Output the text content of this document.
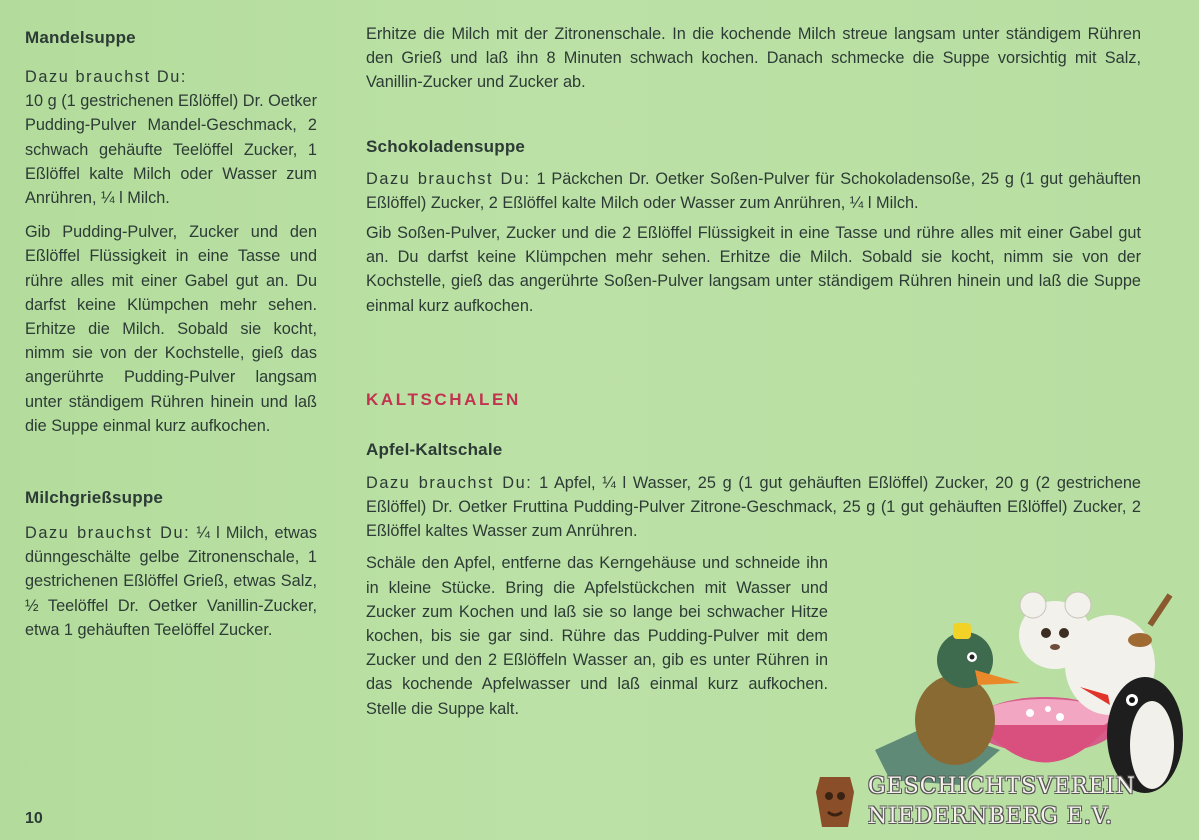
Mandelsuppe

Dazu brauchst Du:
10 g (1 gestrichenen Eßlöffel) Dr. Oetker Pudding-Pulver Mandel-Geschmack, 2 schwach gehäufte Teelöffel Zucker, 1 Eßlöffel kalte Milch oder Wasser zum Anrühren, ¼ l Milch.

Gib Pudding-Pulver, Zucker und den Eßlöffel Flüssigkeit in eine Tasse und rühre alles mit einer Gabel gut an. Du darfst keine Klümpchen mehr sehen. Erhitze die Milch. Sobald sie kocht, nimm sie von der Kochstelle, gieß das angerührte Pudding-Pulver langsam unter ständigem Rühren hinein und laß die Suppe einmal kurz aufkochen.

Milchgrießsuppe

Dazu brauchst Du: ¼ l Milch, etwas dünngeschälte gelbe Zitronenschale, 1 gestrichenen Eßlöffel Grieß, etwas Salz, ½ Teelöffel Dr. Oetker Vanillin-Zucker, etwa 1 gehäuften Teelöffel Zucker.

Erhitze die Milch mit der Zitronenschale. In die kochende Milch streue langsam unter ständigem Rühren den Grieß und laß ihn 8 Minuten schwach kochen. Danach schmecke die Suppe vorsichtig mit Salz, Vanillin-Zucker und Zucker ab.

Schokoladensuppe

Dazu brauchst Du: 1 Päckchen Dr. Oetker Soßen-Pulver für Schokoladensoße, 25 g (1 gut gehäuften Eßlöffel) Zucker, 2 Eßlöffel kalte Milch oder Wasser zum Anrühren, ¼ l Milch.

Gib Soßen-Pulver, Zucker und die 2 Eßlöffel Flüssigkeit in eine Tasse und rühre alles mit einer Gabel gut an. Du darfst keine Klümpchen mehr sehen. Erhitze die Milch. Sobald sie kocht, nimm sie von der Kochstelle, gieß das angerührte Soßen-Pulver langsam unter ständigem Rühren hinein und laß die Suppe einmal kurz aufkochen.

KALTSCHALEN
Apfel-Kaltschale

Dazu brauchst Du: 1 Apfel, ¼ l Wasser, 25 g (1 gut gehäuften Eßlöffel) Zucker, 20 g (2 gestrichene Eßlöffel) Dr. Oetker Fruttina Pudding-Pulver Zitrone-Geschmack, 25 g (1 gut gehäuften Eßlöffel) Zucker, 2 Eßlöffel kaltes Wasser zum Anrühren.

Schäle den Apfel, entferne das Kerngehäuse und schneide ihn in kleine Stücke. Bring die Apfelstückchen mit Wasser und Zucker zum Kochen und laß sie so lange bei schwacher Hitze kochen, bis sie gar sind. Rühre das Pudding-Pulver mit dem Zucker und den 2 Eßlöffeln Wasser an, gib es unter Rühren in das kochende Apfelwasser und laß einmal kurz aufkochen. Stelle die Suppe kalt.

GESCHICHTSVEREIN
NIEDERNBERG E.V.
10
